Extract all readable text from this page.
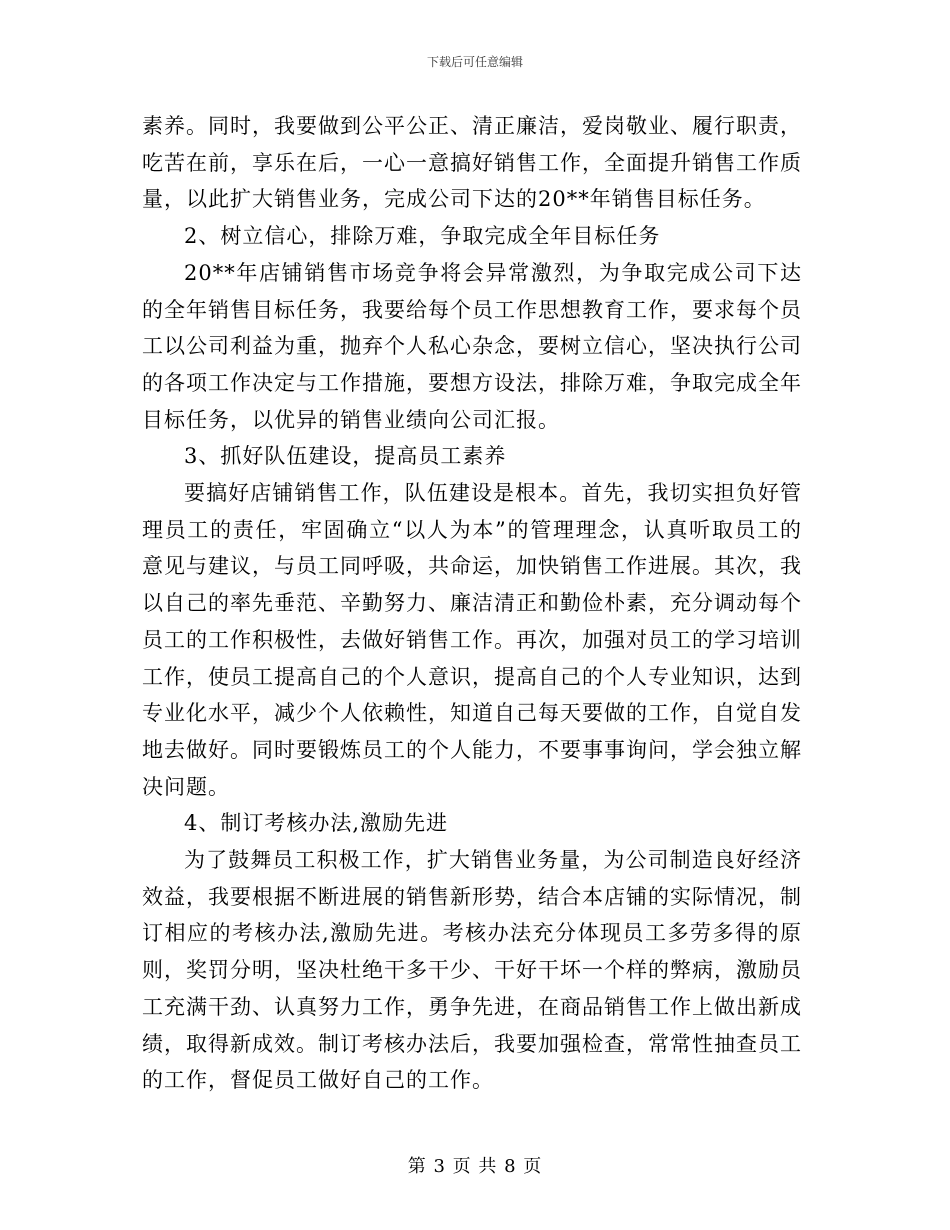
下载后可任意编辑

素养。同时，我要做到公平公正、清正廉洁，爱岗敬业、履行职责，吃苦在前，享乐在后，一心一意搞好销售工作，全面提升销售工作质量，以此扩大销售业务，完成公司下达的20**年销售目标任务。

2、树立信心，排除万难，争取完成全年目标任务

20**年店铺销售市场竞争将会异常激烈，为争取完成公司下达的全年销售目标任务，我要给每个员工作思想教育工作，要求每个员工以公司利益为重，抛弃个人私心杂念，要树立信心，坚决执行公司的各项工作决定与工作措施，要想方设法，排除万难，争取完成全年目标任务，以优异的销售业绩向公司汇报。

3、抓好队伍建设，提高员工素养

要搞好店铺销售工作，队伍建设是根本。首先，我切实担负好管理员工的责任，牢固确立“以人为本”的管理理念，认真听取员工的意见与建议，与员工同呼吸，共命运，加快销售工作进展。其次，我以自己的率先垂范、辛勤努力、廉洁清正和勤俭朴素，充分调动每个员工的工作积极性，去做好销售工作。再次，加强对员工的学习培训工作，使员工提高自己的个人意识，提高自己的个人专业知识，达到专业化水平，减少个人依赖性，知道自己每天要做的工作，自觉自发地去做好。同时要锻炼员工的个人能力，不要事事询问，学会独立解决问题。

4、制订考核办法,激励先进

为了鼓舞员工积极工作，扩大销售业务量，为公司制造良好经济效益，我要根据不断进展的销售新形势，结合本店铺的实际情况，制订相应的考核办法,激励先进。考核办法充分体现员工多劳多得的原则，奖罚分明，坚决杜绝干多干少、干好干坏一个样的弊病，激励员工充满干劲、认真努力工作，勇争先进，在商品销售工作上做出新成绩，取得新成效。制订考核办法后，我要加强检查，常常性抽查员工的工作，督促员工做好自己的工作。

第 3 页 共 8 页
